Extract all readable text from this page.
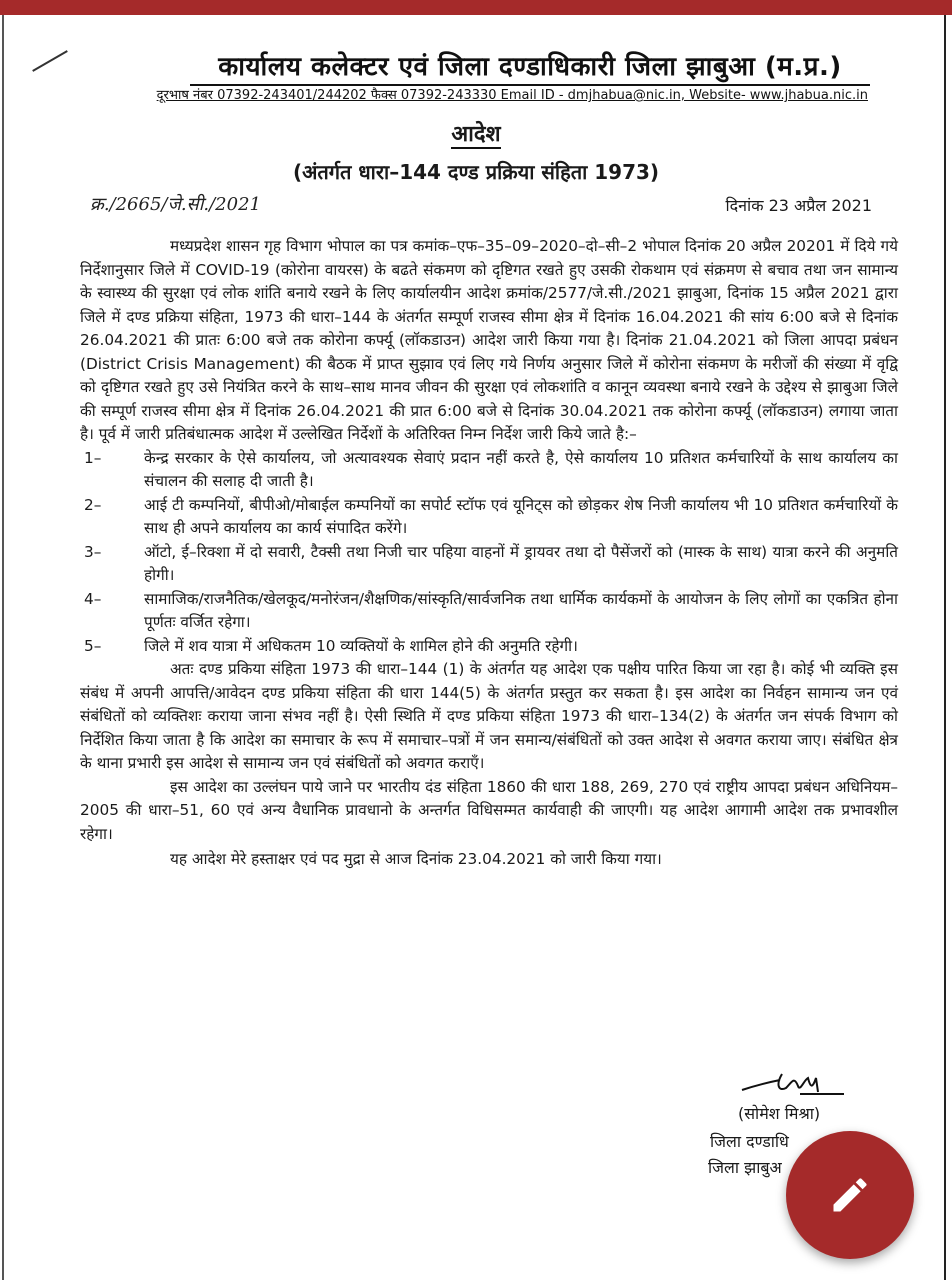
कार्यालय कलेक्टर एवं जिला दण्डाधिकारी जिला झाबुआ (म.प्र.)
दूरभाष नंबर 07392-243401/244202 फैक्स 07392-243330 Email ID - dmjhabua@nic.in, Website- www.jhabua.nic.in
आदेश
(अंतर्गत धारा–144 दण्ड प्रक्रिया संहिता 1973)
क्र./2665/जे.सी./2021	दिनांक 23 अप्रैल 2021

मध्यप्रदेश शासन गृह विभाग भोपाल का पत्र कमांक–एफ–35–09–2020–दो–सी–2 भोपाल दिनांक 20 अप्रैल 20201 में दिये गये निर्देशानुसार जिले में COVID-19 (कोरोना वायरस) के बढते संकमण को दृष्टिगत रखते हुए उसकी रोकथाम एवं संक्रमण से बचाव तथा जन सामान्य के स्वास्थ्य की सुरक्षा एवं लोक शांति बनाये रखने के लिए कार्यालयीन आदेश क्रमांक/2577/जे.सी./2021 झाबुआ, दिनांक 15 अप्रैल 2021 द्वारा जिले में दण्ड प्रक्रिया संहिता, 1973 की धारा–144 के अंतर्गत सम्पूर्ण राजस्व सीमा क्षेत्र में दिनांक 16.04.2021 की सांय 6:00 बजे से दिनांक 26.04.2021 की प्रातः 6:00 बजे तक कोरोना कर्फ्यू (लॉकडाउन) आदेश जारी किया गया है। दिनांक 21.04.2021 को जिला आपदा प्रबंधन (District Crisis Management) की बैठक में प्राप्त सुझाव एवं लिए गये निर्णय अनुसार जिले में कोरोना संकमण के मरीजों की संख्या में वृद्वि को दृष्टिगत रखते हुए उसे नियंत्रित करने के साथ–साथ मानव जीवन की सुरक्षा एवं लोकशांति व कानून व्यवस्था बनाये रखने के उद्देश्य से झाबुआ जिले की सम्पूर्ण राजस्व सीमा क्षेत्र में दिनांक 26.04.2021 की प्रात 6:00 बजे से दिनांक 30.04.2021 तक कोरोना कर्फ्यू (लॉकडाउन) लगाया जाता है। पूर्व में जारी प्रतिबंधात्मक आदेश में उल्लेखित निर्देशों के अतिरिक्त निम्न निर्देश जारी किये जाते है:–

1–	केन्द्र सरकार के ऐसे कार्यालय, जो अत्यावश्यक सेवाएं प्रदान नहीं करते है, ऐसे कार्यालय 10 प्रतिशत कर्मचारियों के साथ कार्यालय का संचालन की सलाह दी जाती है।
2–	आई टी कम्पनियों, बीपीओ/मोबाईल कम्पनियों का सपोर्ट स्टॉफ एवं यूनिट्स को छोड़कर शेष निजी कार्यालय भी 10 प्रतिशत कर्मचारियों के साथ ही अपने कार्यालय का कार्य संपादित करेंगे।
3–	ऑटो, ई–रिक्शा में दो सवारी, टैक्सी तथा निजी चार पहिया वाहनों में ड्रायवर तथा दो पैसेंजरों को (मास्क के साथ) यात्रा करने की अनुमति होगी।
4–	सामाजिक/राजनैतिक/खेलकूद/मनोरंजन/शैक्षणिक/सांस्कृति/सार्वजनिक तथा धार्मिक कार्यकमों के आयोजन के लिए लोगों का एकत्रित होना पूर्णतः वर्जित रहेगा।
5–	जिले में शव यात्रा में अधिकतम 10 व्यक्तियों के शामिल होने की अनुमति रहेगी।

अतः दण्ड प्रकिया संहिता 1973 की धारा–144 (1) के अंतर्गत यह आदेश एक पक्षीय पारित किया जा रहा है। कोई भी व्यक्ति इस संबंध में अपनी आपत्ति/आवेदन दण्ड प्रकिया संहिता की धारा 144(5) के अंतर्गत प्रस्तुत कर सकता है। इस आदेश का निर्वहन सामान्य जन एवं संबंधितों को व्यक्तिशः कराया जाना संभव नहीं है। ऐसी स्थिति में दण्ड प्रकिया संहिता 1973 की धारा–134(2) के अंतर्गत जन संपर्क विभाग को निर्देशित किया जाता है कि आदेश का समाचार के रूप में समाचार–पत्रों में जन समान्य/संबंधितों को उक्त आदेश से अवगत कराया जाए। संबंधित क्षेत्र के थाना प्रभारी इस आदेश से सामान्य जन एवं संबंधितों को अवगत कराएँ।

इस आदेश का उल्लंघन पाये जाने पर भारतीय दंड संहिता 1860 की धारा 188, 269, 270 एवं राष्ट्रीय आपदा प्रबंधन अधिनियम–2005 की धारा–51, 60 एवं अन्य वैधानिक प्रावधानो के अन्तर्गत विधिसम्मत कार्यवाही की जाएगी। यह आदेश आगामी आदेश तक प्रभावशील रहेगा।

यह आदेश मेरे हस्ताक्षर एवं पद मुद्रा से आज दिनांक 23.04.2021 को जारी किया गया।

(सोमेश मिश्रा)
जिला दण्डाधि
जिला झाबुअ
